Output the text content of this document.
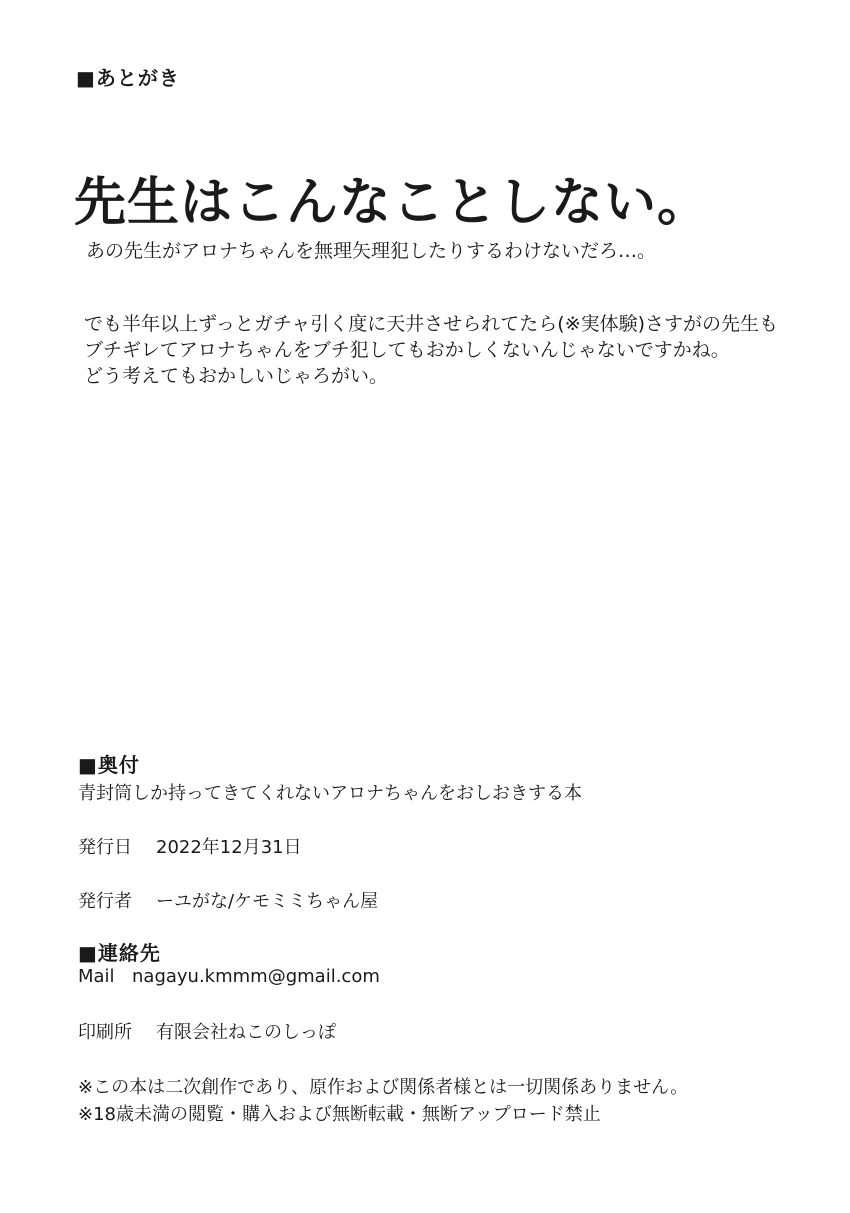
■あとがき
先生はこんなことしない。
あの先生がアロナちゃんを無理矢理犯したりするわけないだろ…。
でも半年以上ずっとガチャ引く度に天井させられてたら(※実体験)さすがの先生も
ブチギレてアロナちゃんをブチ犯してもおかしくないんじゃないですかね。
どう考えてもおかしいじゃろがい。
■奥付
青封筒しか持ってきてくれないアロナちゃんをおしおきする本
発行日 2022年12月31日
発行者 ーユがな/ケモミミちゃん屋
■連絡先
Mail nagayu.kmmm@gmail.com
印刷所 有限会社ねこのしっぽ
※この本は二次創作であり、原作および関係者様とは一切関係ありません。
※18歳未満の閲覧・購入および無断転載・無断アップロード禁止
